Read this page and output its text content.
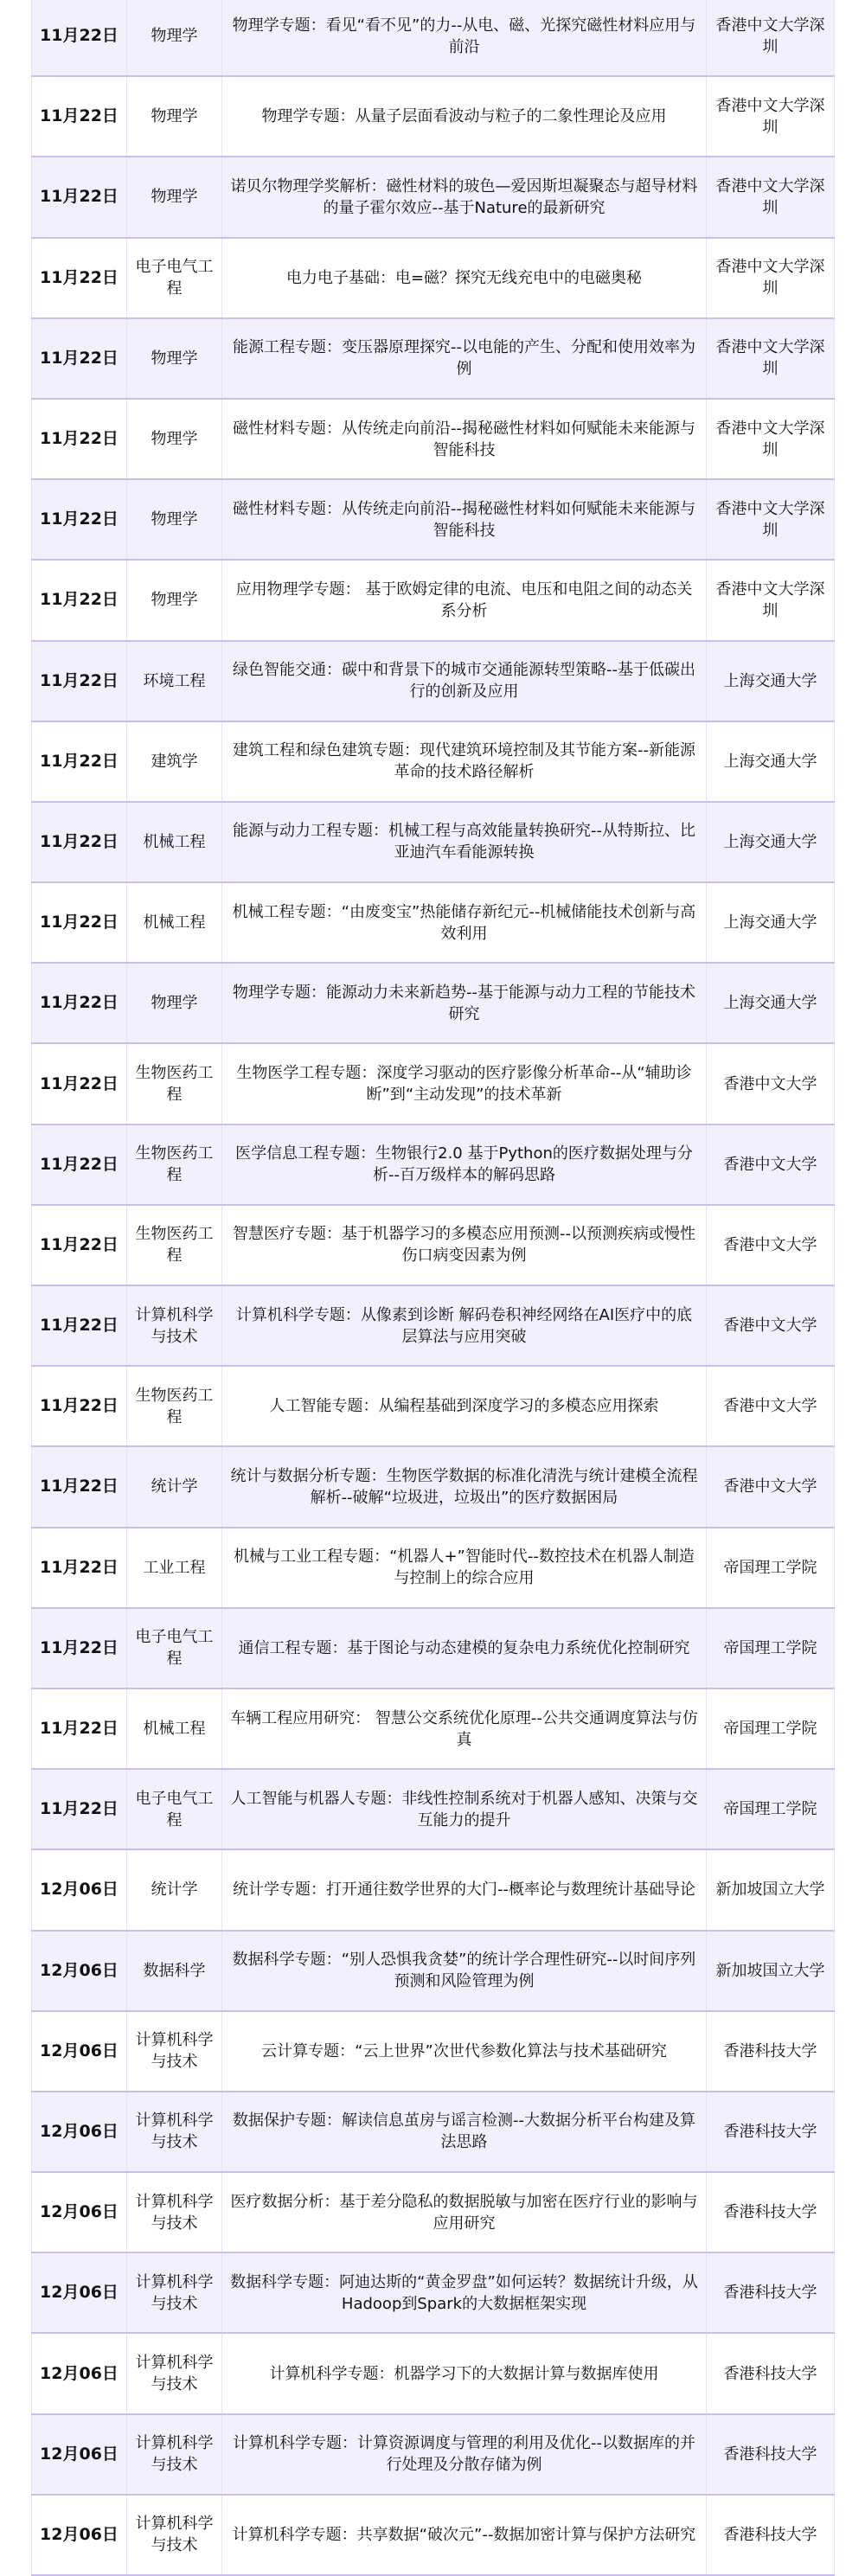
11月22日	物理学	物理学专题：看见“看不见”的力--从电、磁、光探究磁性材料应用与前沿	香港中文大学深圳
11月22日	物理学	物理学专题：从量子层面看波动与粒子的二象性理论及应用	香港中文大学深圳
11月22日	物理学	诺贝尔物理学奖解析：磁性材料的玻色—爱因斯坦凝聚态与超导材料的量子霍尔效应--基于Nature的最新研究	香港中文大学深圳
11月22日	电子电气工程	电力电子基础：电=磁？探究无线充电中的电磁奥秘	香港中文大学深圳
11月22日	物理学	能源工程专题：变压器原理探究--以电能的产生、分配和使用效率为例	香港中文大学深圳
11月22日	物理学	磁性材料专题：从传统走向前沿--揭秘磁性材料如何赋能未来能源与智能科技	香港中文大学深圳
11月22日	物理学	磁性材料专题：从传统走向前沿--揭秘磁性材料如何赋能未来能源与智能科技	香港中文大学深圳
11月22日	物理学	应用物理学专题： 基于欧姆定律的电流、电压和电阻之间的动态关系分析	香港中文大学深圳
11月22日	环境工程	绿色智能交通：碳中和背景下的城市交通能源转型策略--基于低碳出行的创新及应用	上海交通大学
11月22日	建筑学	建筑工程和绿色建筑专题：现代建筑环境控制及其节能方案--新能源革命的技术路径解析	上海交通大学
11月22日	机械工程	能源与动力工程专题：机械工程与高效能量转换研究--从特斯拉、比亚迪汽车看能源转换	上海交通大学
11月22日	机械工程	机械工程专题：“由废变宝”热能储存新纪元--机械储能技术创新与高效利用	上海交通大学
11月22日	物理学	物理学专题：能源动力未来新趋势--基于能源与动力工程的节能技术研究	上海交通大学
11月22日	生物医药工程	生物医学工程专题：深度学习驱动的医疗影像分析革命--从“辅助诊断”到“主动发现”的技术革新	香港中文大学
11月22日	生物医药工程	医学信息工程专题：生物银行2.0 基于Python的医疗数据处理与分析--百万级样本的解码思路	香港中文大学
11月22日	生物医药工程	智慧医疗专题：基于机器学习的多模态应用预测--以预测疾病或慢性伤口病变因素为例	香港中文大学
11月22日	计算机科学与技术	计算机科学专题：从像素到诊断 解码卷积神经网络在AI医疗中的底层算法与应用突破	香港中文大学
11月22日	生物医药工程	人工智能专题：从编程基础到深度学习的多模态应用探索	香港中文大学
11月22日	统计学	统计与数据分析专题：生物医学数据的标准化清洗与统计建模全流程解析--破解“垃圾进，垃圾出”的医疗数据困局	香港中文大学
11月22日	工业工程	机械与工业工程专题：“机器人+”智能时代--数控技术在机器人制造与控制上的综合应用	帝国理工学院
11月22日	电子电气工程	通信工程专题：基于图论与动态建模的复杂电力系统优化控制研究	帝国理工学院
11月22日	机械工程	车辆工程应用研究： 智慧公交系统优化原理--公共交通调度算法与仿真	帝国理工学院
11月22日	电子电气工程	人工智能与机器人专题：非线性控制系统对于机器人感知、决策与交互能力的提升	帝国理工学院
12月06日	统计学	统计学专题：打开通往数学世界的大门--概率论与数理统计基础导论	新加坡国立大学
12月06日	数据科学	数据科学专题：“别人恐惧我贪婪”的统计学合理性研究--以时间序列预测和风险管理为例	新加坡国立大学
12月06日	计算机科学与技术	云计算专题：“云上世界”次世代参数化算法与技术基础研究	香港科技大学
12月06日	计算机科学与技术	数据保护专题：解读信息茧房与谣言检测--大数据分析平台构建及算法思路	香港科技大学
12月06日	计算机科学与技术	医疗数据分析：基于差分隐私的数据脱敏与加密在医疗行业的影响与应用研究	香港科技大学
12月06日	计算机科学与技术	数据科学专题：阿迪达斯的“黄金罗盘”如何运转？数据统计升级，从Hadoop到Spark的大数据框架实现	香港科技大学
12月06日	计算机科学与技术	计算机科学专题：机器学习下的大数据计算与数据库使用	香港科技大学
12月06日	计算机科学与技术	计算机科学专题：计算资源调度与管理的利用及优化--以数据库的并行处理及分散存储为例	香港科技大学
12月06日	计算机科学与技术	计算机科学专题：共享数据“破次元”--数据加密计算与保护方法研究	香港科技大学
